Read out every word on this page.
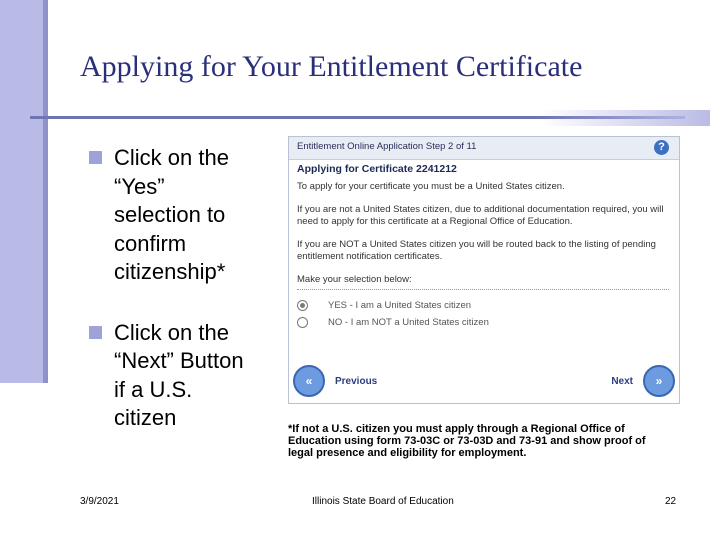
Applying for Your Entitlement Certificate
Click on the “Yes” selection to confirm citizenship*
Click on the “Next” Button if a U.S. citizen
Entitlement Online Application Step 2 of 11	?
Applying for Certificate 2241212
To apply for your certificate you must be a United States citizen.
If you are not a United States citizen, due to additional documentation required, you will need to apply for this certificate at a Regional Office of Education.
If you are NOT a United States citizen you will be routed back to the listing of pending entitlement notification certificates.
Make your selection below:
YES - I am a United States citizen
NO - I am NOT a United States citizen
«	Previous	Next	»
*If not a U.S. citizen you must apply through a Regional Office of Education using form 73-03C or 73-03D and 73-91 and show proof of legal presence and eligibility for employment.
3/9/2021	Illinois State Board of Education	22
